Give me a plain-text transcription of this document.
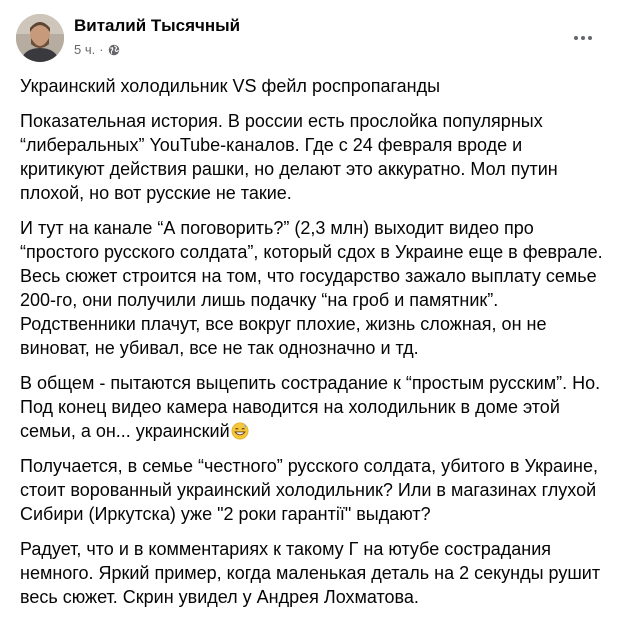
Виталий Тысячный
5 ч. ·

Украинский холодильник VS фейл роспропаганды

Показательная история. В россии есть прослойка популярных “либеральных” YouTube-каналов. Где с 24 февраля вроде и критикуют действия рашки, но делают это аккуратно. Мол путин плохой, но вот русские не такие.

И тут на канале “А поговорить?” (2,3 млн) выходит видео про “простого русского солдата”, который сдох в Украине еще в феврале. Весь сюжет строится на том, что государство зажало выплату семье 200-го, они получили лишь подачку “на гроб и памятник”. Родственники плачут, все вокруг плохие, жизнь сложная, он не виноват, не убивал, все не так однозначно и тд.

В общем - пытаются выцепить сострадание к “простым русским”. Но. Под конец видео камера наводится на холодильник в доме этой семьи, а он... украинский

Получается, в семье “честного” русского солдата, убитого в Украине, стоит ворованный украинский холодильник? Или в магазинах глухой Сибири (Иркутска) уже "2 роки гарантії" выдают?

Радует, что и в комментариях к такому Г на ютубе сострадания немного. Яркий пример, когда маленькая деталь на 2 секунды рушит весь сюжет. Скрин увидел у Андрея Лохматова.
